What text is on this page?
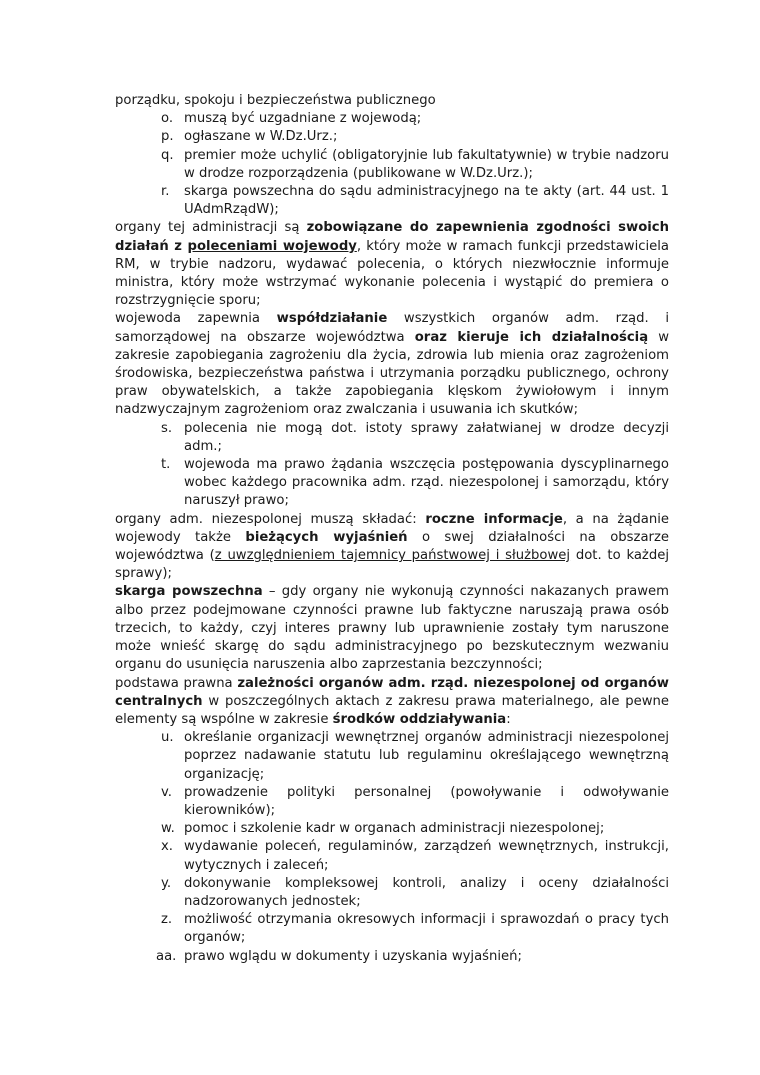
porządku, spokoju i bezpieczeństwa publicznego

o. muszą być uzgadniane z wojewodą;

p. ogłaszane w W.Dz.Urz.;

q. premier może uchylić (obligatoryjnie lub fakultatywnie) w trybie nadzoru w drodze rozporządzenia (publikowane w W.Dz.Urz.);

r. skarga powszechna do sądu administracyjnego na te akty (art. 44 ust. 1 UAdmRządW);

organy tej administracji są zobowiązane do zapewnienia zgodności swoich działań z poleceniami wojewody, który może w ramach funkcji przedstawiciela RM, w trybie nadzoru, wydawać polecenia, o których niezwłocznie informuje ministra, który może wstrzymać wykonanie polecenia i wystąpić do premiera o rozstrzygnięcie sporu;

wojewoda zapewnia współdziałanie wszystkich organów adm. rząd. i samorządowej na obszarze województwa oraz kieruje ich działalnością w zakresie zapobiegania zagrożeniu dla życia, zdrowia lub mienia oraz zagrożeniom środowiska, bezpieczeństwa państwa i utrzymania porządku publicznego, ochrony praw obywatelskich, a także zapobiegania klęskom żywiołowym i innym nadzwyczajnym zagrożeniom oraz zwalczania i usuwania ich skutków;

s. polecenia nie mogą dot. istoty sprawy załatwianej w drodze decyzji adm.;

t. wojewoda ma prawo żądania wszczęcia postępowania dyscyplinarnego wobec każdego pracownika adm. rząd. niezespolonej i samorządu, który naruszył prawo;

organy adm. niezespolonej muszą składać: roczne informacje, a na żądanie wojewody także bieżących wyjaśnień o swej działalności na obszarze województwa (z uwzględnieniem tajemnicy państwowej i służbowej dot. to każdej sprawy);

skarga powszechna – gdy organy nie wykonują czynności nakazanych prawem albo przez podejmowane czynności prawne lub faktyczne naruszają prawa osób trzecich, to każdy, czyj interes prawny lub uprawnienie zostały tym naruszone może wnieść skargę do sądu administracyjnego po bezskutecznym wezwaniu organu do usunięcia naruszenia albo zaprzestania bezczynności;

podstawa prawna zależności organów adm. rząd. niezespolonej od organów centralnych w poszczególnych aktach z zakresu prawa materialnego, ale pewne elementy są wspólne w zakresie środków oddziaływania:

u. określanie organizacji wewnętrznej organów administracji niezespolonej poprzez nadawanie statutu lub regulaminu określającego wewnętrzną organizację;

v. prowadzenie polityki personalnej (powoływanie i odwoływanie kierowników);

w. pomoc i szkolenie kadr w organach administracji niezespolonej;

x. wydawanie poleceń, regulaminów, zarządzeń wewnętrznych, instrukcji, wytycznych i zaleceń;

y. dokonywanie kompleksowej kontroli, analizy i oceny działalności nadzorowanych jednostek;

z. możliwość otrzymania okresowych informacji i sprawozdań o pracy tych organów;

aa. prawo wglądu w dokumenty i uzyskania wyjaśnień;
